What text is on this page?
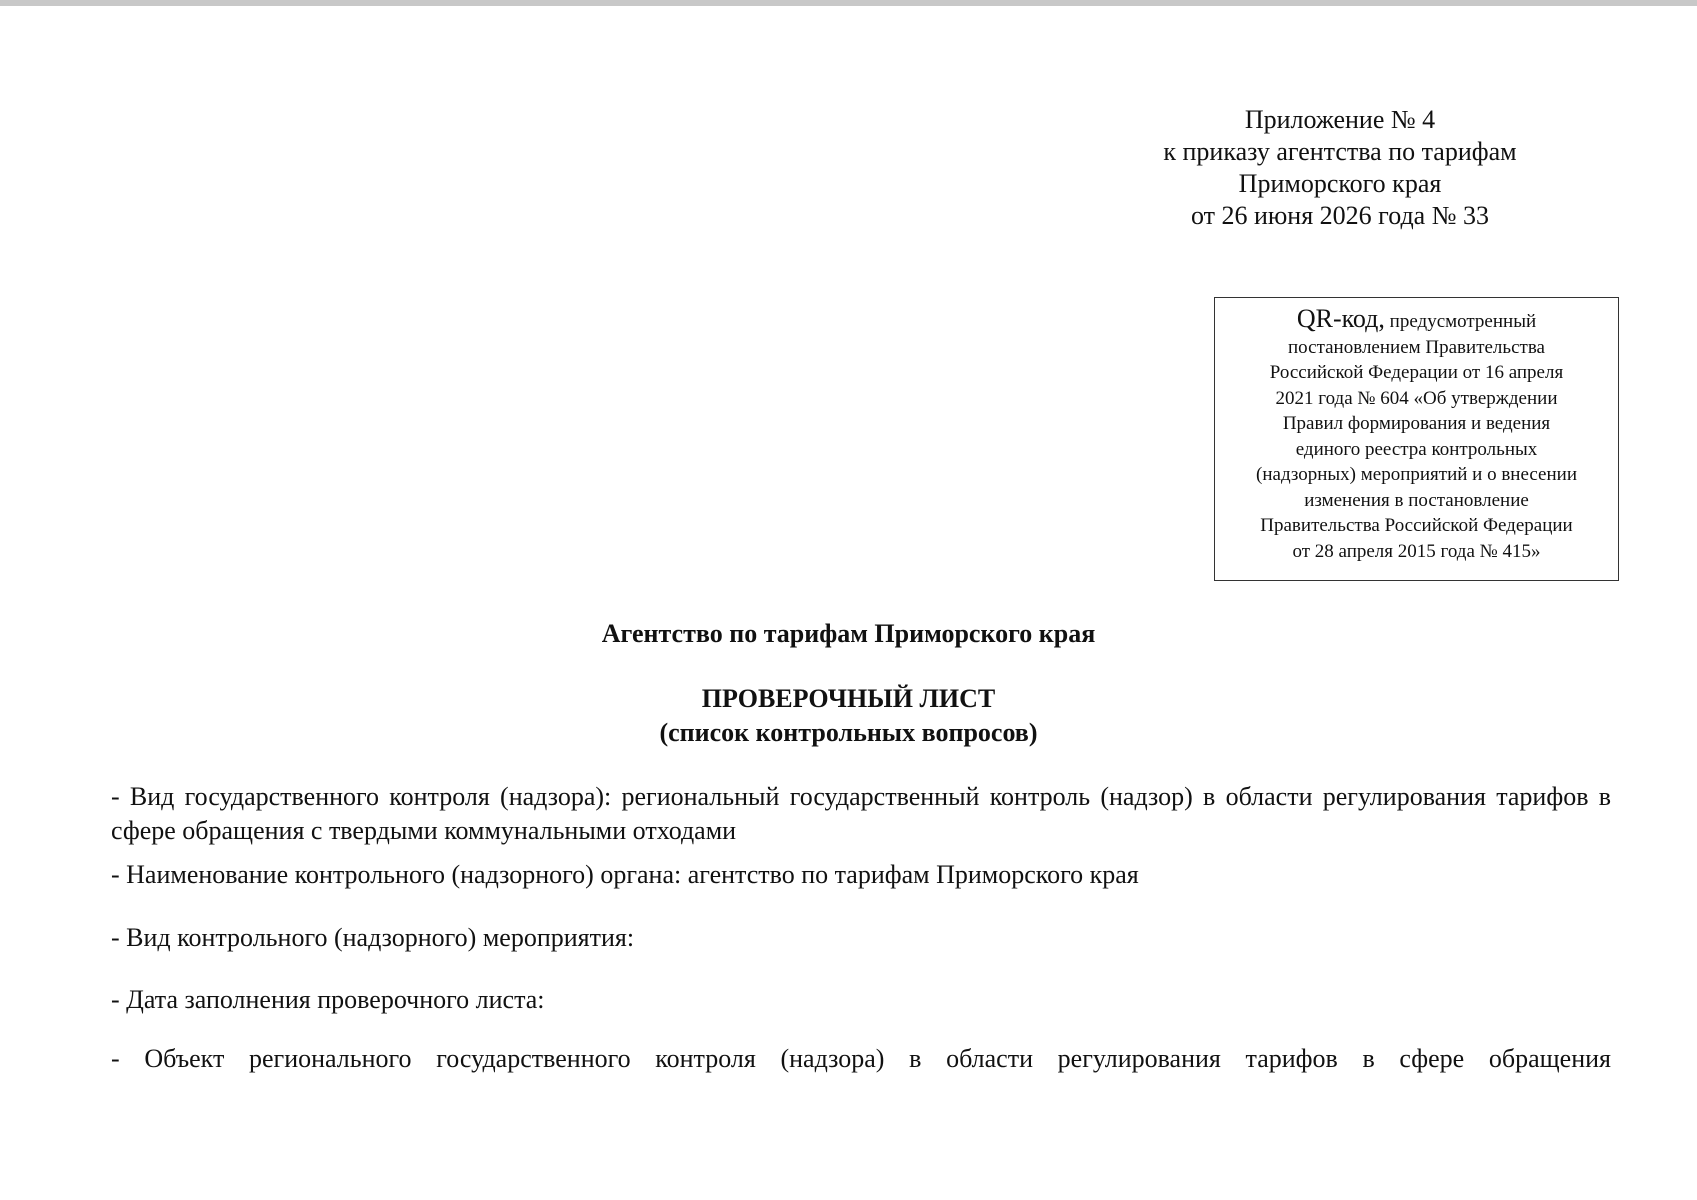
Приложение № 4
к приказу агентства по тарифам
Приморского края
от 26 июня 2026 года № 33
QR-код, предусмотренный
постановлением Правительства
Российской Федерации от 16 апреля
2021 года № 604 «Об утверждении
Правил формирования и ведения
единого реестра контрольных
(надзорных) мероприятий и о внесении
изменения в постановление
Правительства Российской Федерации
от 28 апреля 2015 года № 415»
Агентство по тарифам Приморского края
ПРОВЕРОЧНЫЙ ЛИСТ
(список контрольных вопросов)
- Вид государственного контроля (надзора): региональный государственный контроль (надзор) в области регулирования тарифов в сфере обращения с твердыми коммунальными отходами
- Наименование контрольного (надзорного) органа: агентство по тарифам Приморского края
- Вид контрольного (надзорного) мероприятия:
- Дата заполнения проверочного листа:
- Объект регионального государственного контроля (надзора) в области регулирования тарифов в сфере обращения
